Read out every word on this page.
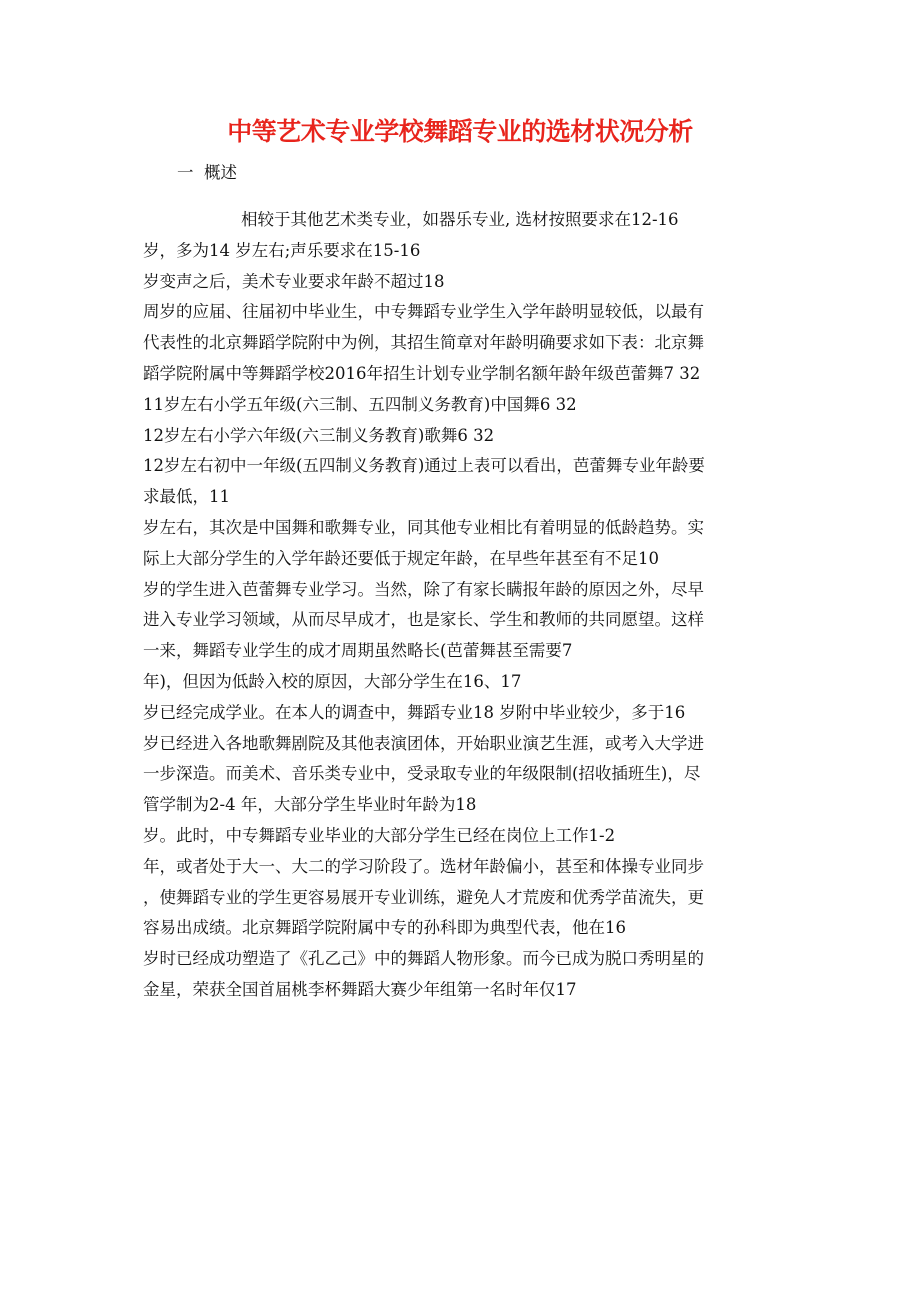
中等艺术专业学校舞蹈专业的选材状况分析
一  概述
相较于其他艺术类专业，如器乐专业, 选材按照要求在12-16
岁，多为14 岁左右;声乐要求在15-16
岁变声之后，美术专业要求年龄不超过18
周岁的应届、往届初中毕业生，中专舞蹈专业学生入学年龄明显较低，以最有
代表性的北京舞蹈学院附中为例，其招生简章对年龄明确要求如下表：北京舞
蹈学院附属中等舞蹈学校2016年招生计划专业学制名额年龄年级芭蕾舞7 32
11岁左右小学五年级(六三制、五四制义务教育)中国舞6 32
12岁左右小学六年级(六三制义务教育)歌舞6 32
12岁左右初中一年级(五四制义务教育)通过上表可以看出，芭蕾舞专业年龄要
求最低，11
岁左右，其次是中国舞和歌舞专业，同其他专业相比有着明显的低龄趋势。实
际上大部分学生的入学年龄还要低于规定年龄，在早些年甚至有不足10
岁的学生进入芭蕾舞专业学习。当然，除了有家长瞒报年龄的原因之外，尽早
进入专业学习领域，从而尽早成才，也是家长、学生和教师的共同愿望。这样
一来，舞蹈专业学生的成才周期虽然略长(芭蕾舞甚至需要7
年)，但因为低龄入校的原因，大部分学生在16、17
岁已经完成学业。在本人的调查中，舞蹈专业18 岁附中毕业较少，多于16
岁已经进入各地歌舞剧院及其他表演团体，开始职业演艺生涯，或考入大学进
一步深造。而美术、音乐类专业中，受录取专业的年级限制(招收插班生)，尽
管学制为2-4 年，大部分学生毕业时年龄为18
岁。此时，中专舞蹈专业毕业的大部分学生已经在岗位上工作1-2
年，或者处于大一、大二的学习阶段了。选材年龄偏小，甚至和体操专业同步
，使舞蹈专业的学生更容易展开专业训练，避免人才荒废和优秀学苗流失，更
容易出成绩。北京舞蹈学院附属中专的孙科即为典型代表，他在16
岁时已经成功塑造了《孔乙己》中的舞蹈人物形象。而今已成为脱口秀明星的
金星，荣获全国首届桃李杯舞蹈大赛少年组第一名时年仅17
